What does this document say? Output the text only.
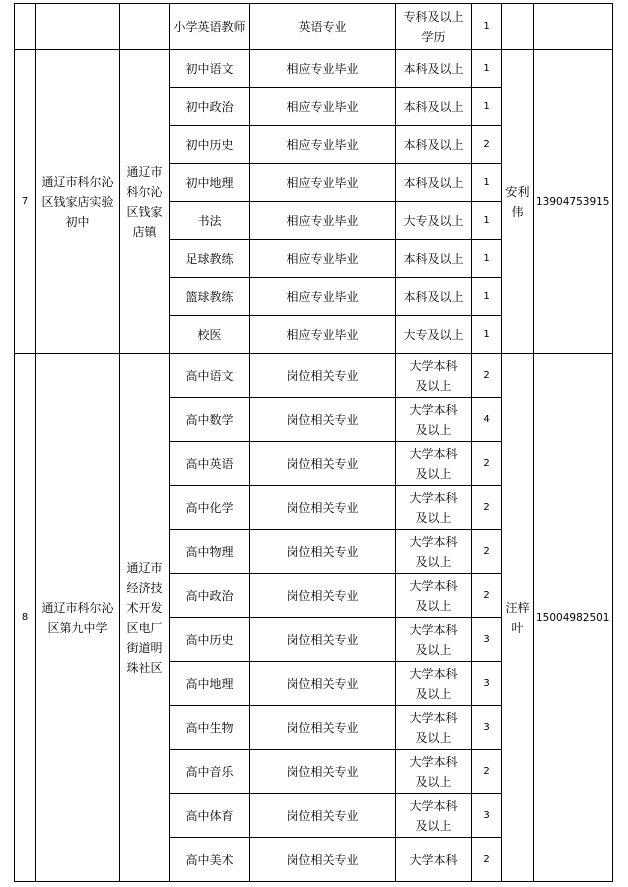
			小学英语教师	英语专业	专科及以上学历	1		
7	通辽市科尔沁区钱家店实验初中	通辽市科尔沁区钱家店镇	初中语文	相应专业毕业	本科及以上	1	安利伟	13904753915
			初中政治	相应专业毕业	本科及以上	1		
			初中历史	相应专业毕业	本科及以上	2		
			初中地理	相应专业毕业	本科及以上	1		
			书法	相应专业毕业	大专及以上	1		
			足球教练	相应专业毕业	本科及以上	1		
			篮球教练	相应专业毕业	本科及以上	1		
			校医	相应专业毕业	大专及以上	1		
8	通辽市科尔沁区第九中学	通辽市经济技术开发区电厂街道明珠社区	高中语文	岗位相关专业	大学本科
及以上	2	汪梓叶	15004982501
			高中数学	岗位相关专业	大学本科
及以上	4		
			高中英语	岗位相关专业	大学本科
及以上	2		
			高中化学	岗位相关专业	大学本科
及以上	2		
			高中物理	岗位相关专业	大学本科
及以上	2		
			高中政治	岗位相关专业	大学本科
及以上	2		
			高中历史	岗位相关专业	大学本科
及以上	3		
			高中地理	岗位相关专业	大学本科
及以上	3		
			高中生物	岗位相关专业	大学本科
及以上	3		
			高中音乐	岗位相关专业	大学本科
及以上	2		
			高中体育	岗位相关专业	大学本科
及以上	3		
			高中美术	岗位相关专业	大学本科	2		
